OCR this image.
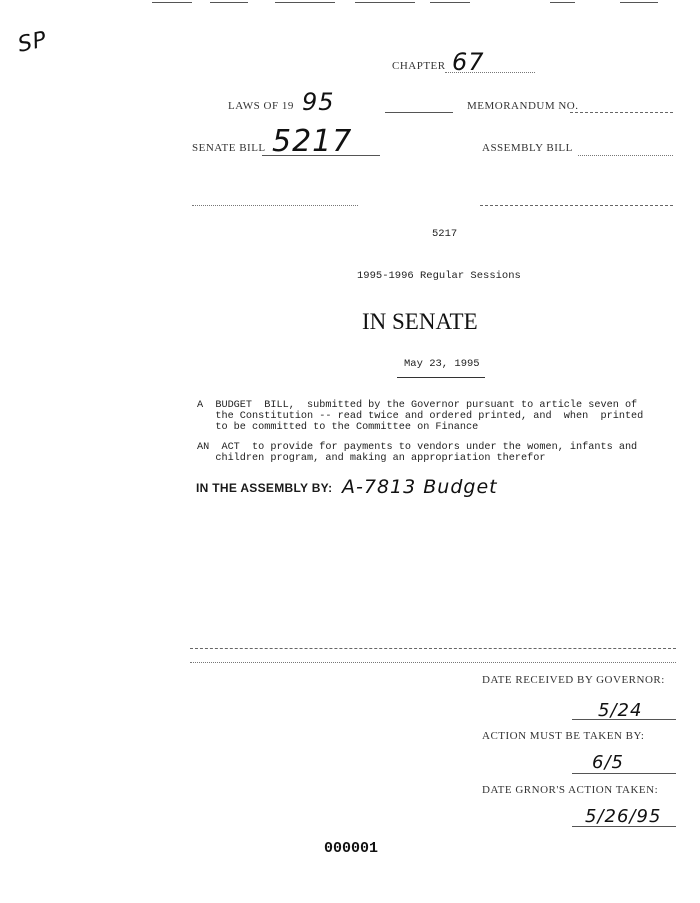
SP
CHAPTER 67
LAWS OF 19 95	MEMORANDUM NO.
SENATE BILL 5217	ASSEMBLY BILL
5217
1995-1996 Regular Sessions
IN SENATE
May 23, 1995
A  BUDGET  BILL,  submitted by the Governor pursuant to article seven of
the Constitution -- read twice and ordered printed, and  when  printed
to be committed to the Committee on Finance
AN  ACT  to provide for payments to vendors under the women, infants and
children program, and making an appropriation therefor
IN THE ASSEMBLY BY: A-7813 Budget
DATE RECEIVED BY GOVERNOR:
5/24
ACTION MUST BE TAKEN BY:
6/5
DATE GRNOR'S ACTION TAKEN:
5/26/95
000001
